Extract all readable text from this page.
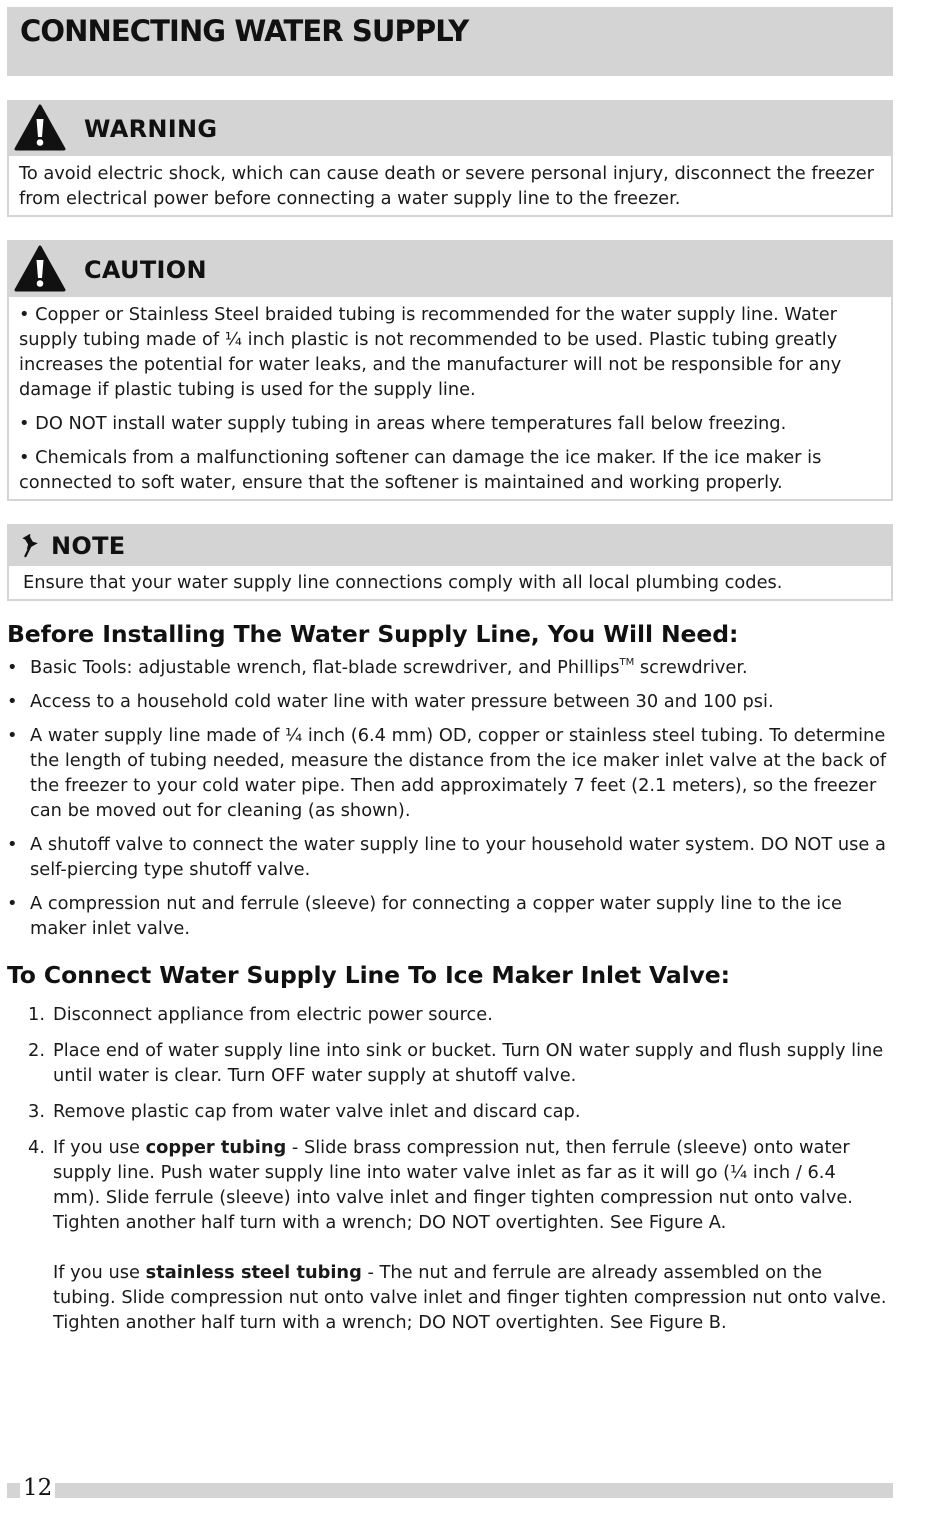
CONNECTING WATER SUPPLY
WARNING

To avoid electric shock, which can cause death or severe personal injury, disconnect the freezer from electrical power before connecting a water supply line to the freezer.

CAUTION

• Copper or Stainless Steel braided tubing is recommended for the water supply line. Water supply tubing made of ¼ inch plastic is not recommended to be used. Plastic tubing greatly increases the potential for water leaks, and the manufacturer will not be responsible for any damage if plastic tubing is used for the supply line.

• DO NOT install water supply tubing in areas where temperatures fall below freezing.

• Chemicals from a malfunctioning softener can damage the ice maker. If the ice maker is connected to soft water, ensure that the softener is maintained and working properly.

NOTE

Ensure that your water supply line connections comply with all local plumbing codes.

Before Installing The Water Supply Line, You Will Need:
• Basic Tools: adjustable wrench, flat-blade screwdriver, and Phillips™ screwdriver.
• Access to a household cold water line with water pressure between 30 and 100 psi.
• A water supply line made of ¼ inch (6.4 mm) OD, copper or stainless steel tubing. To determine the length of tubing needed, measure the distance from the ice maker inlet valve at the back of the freezer to your cold water pipe. Then add approximately 7 feet (2.1 meters), so the freezer can be moved out for cleaning (as shown).
• A shutoff valve to connect the water supply line to your household water system. DO NOT use a self-piercing type shutoff valve.
• A compression nut and ferrule (sleeve) for connecting a copper water supply line to the ice maker inlet valve.
To Connect Water Supply Line To Ice Maker Inlet Valve:
1. Disconnect appliance from electric power source.

2. Place end of water supply line into sink or bucket. Turn ON water supply and flush supply line until water is clear. Turn OFF water supply at shutoff valve.

3. Remove plastic cap from water valve inlet and discard cap.

4. If you use copper tubing - Slide brass compression nut, then ferrule (sleeve) onto water supply line. Push water supply line into water valve inlet as far as it will go (¼ inch / 6.4 mm). Slide ferrule (sleeve) into valve inlet and finger tighten compression nut onto valve. Tighten another half turn with a wrench; DO NOT overtighten. See Figure A.

If you use stainless steel tubing - The nut and ferrule are already assembled on the tubing. Slide compression nut onto valve inlet and finger tighten compression nut onto valve. Tighten another half turn with a wrench; DO NOT overtighten. See Figure B.

12
